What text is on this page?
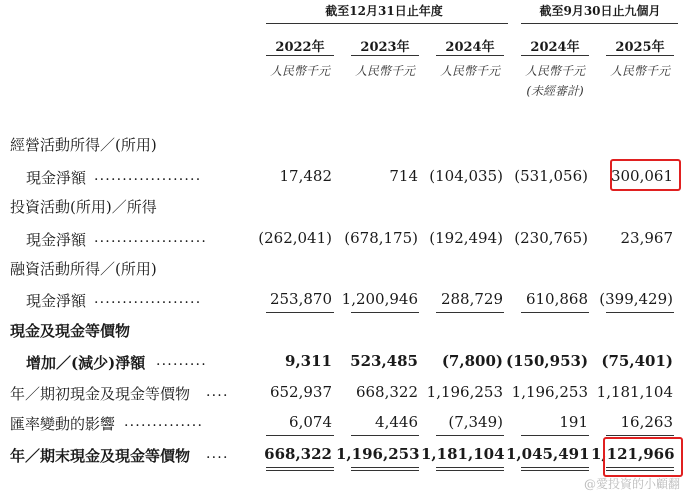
截至12月31日止年度	截至9月30日止九個月
2022年	2023年	2024年	2024年	2025年
人民幣千元	人民幣千元	人民幣千元	人民幣千元	人民幣千元
(未經審計)
經營活動所得／(所用)
現金淨額 ...................	17,482	714 (104,035) (531,056)	300,061
投資活動(所用)／所得
現金淨額 ....................	(262,041) (678,175) (192,494) (230,765)	23,967
融資活動所得／(所用)
現金淨額 ...................	253,870 1,200,946	288,729	610,868 (399,429)
現金及現金等價物
增加／(減少)淨額 .........	9,311	523,485	(7,800) (150,953) (75,401)
年／期初現金及現金等價物 ....	652,937	668,322 1,196,253 1,196,253 1,181,104
匯率變動的影響 ..............	6,074	4,446	(7,349)	191	16,263
年／期末現金及現金等價物 ....	668,322 1,196,253 1,181,104 1,045,491 1,121,966
@愛投資的小顧翻
